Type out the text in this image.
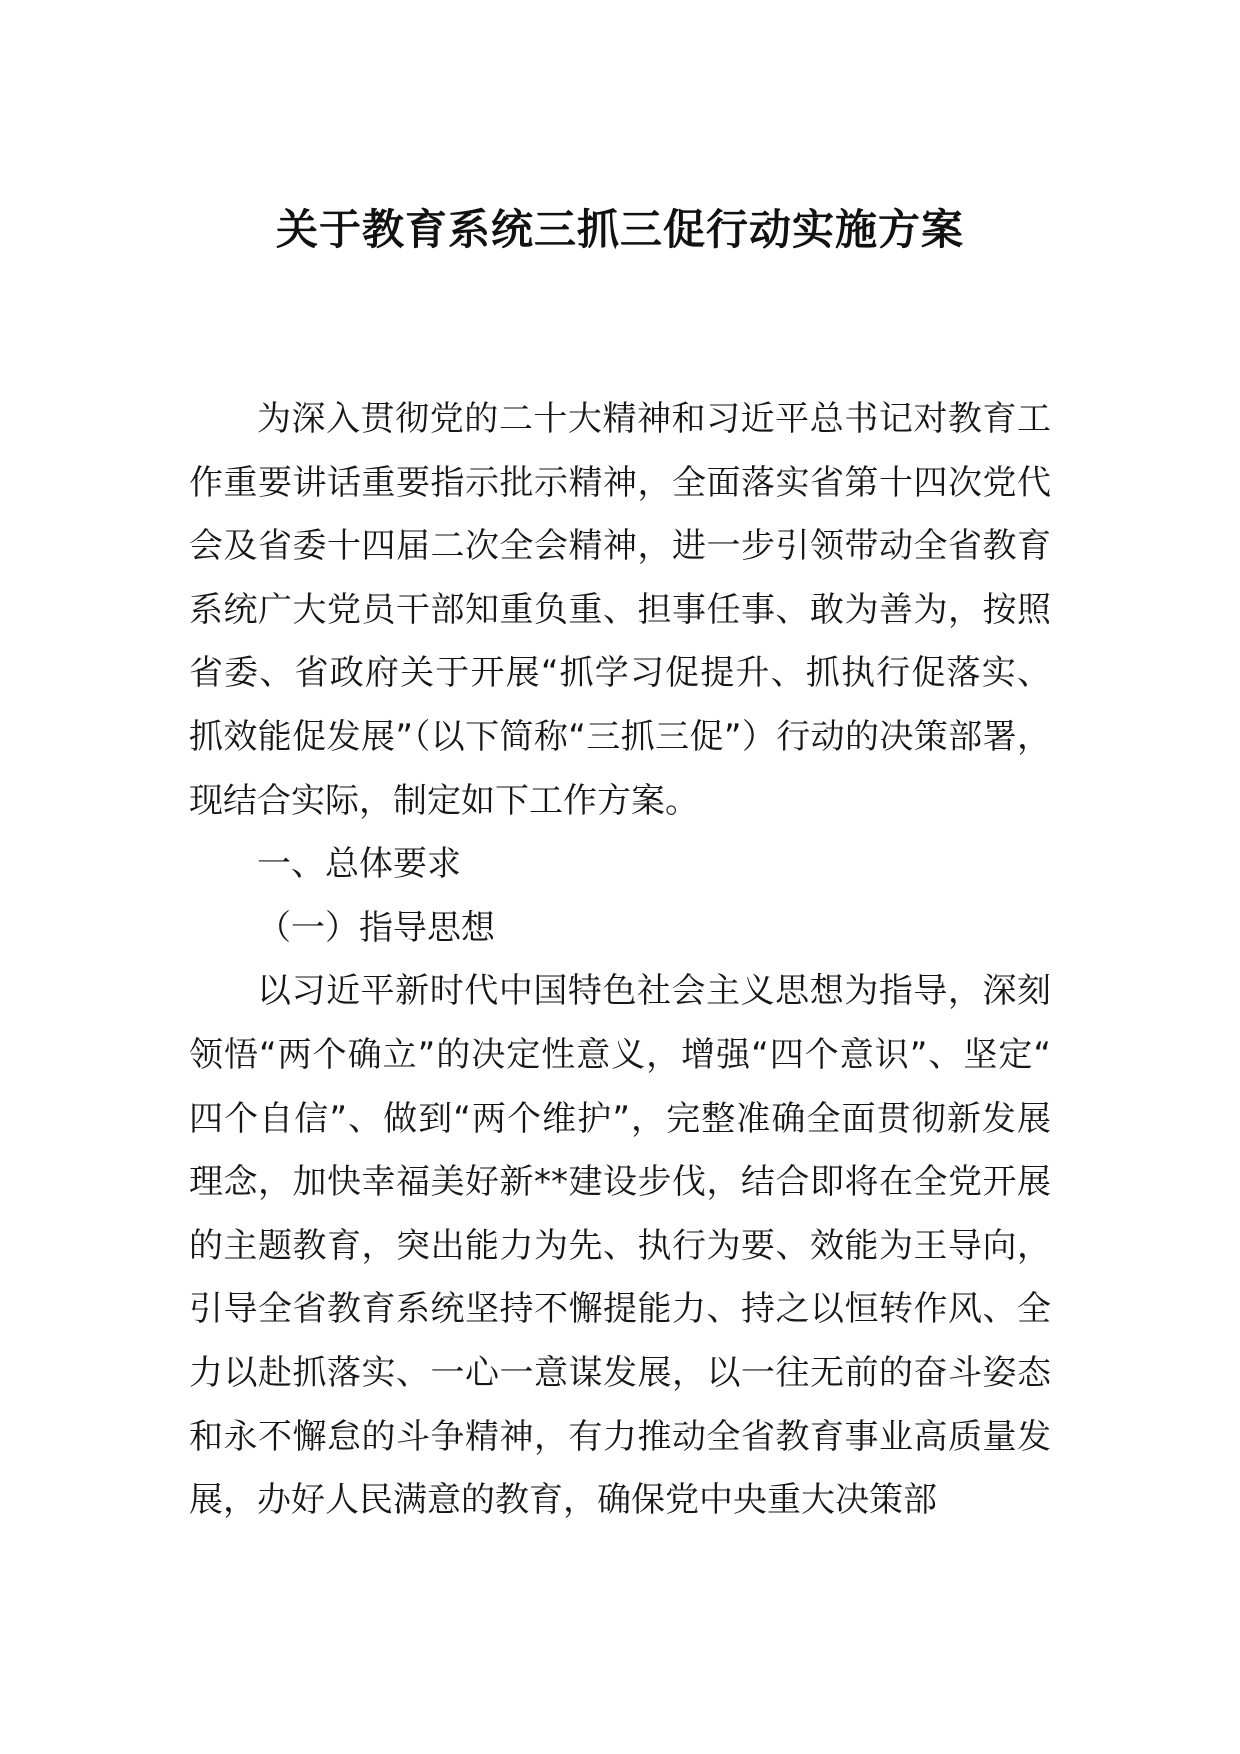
关于教育系统三抓三促行动实施方案

为深入贯彻党的二十大精神和习近平总书记对教育工作重要讲话重要指示批示精神，全面落实省第十四次党代会及省委十四届二次全会精神，进一步引领带动全省教育系统广大党员干部知重负重、担事任事、敢为善为，按照省委、省政府关于开展“抓学习促提升、抓执行促落实、抓效能促发展”（以下简称“三抓三促”）行动的决策部署，现结合实际，制定如下工作方案。

一、总体要求

（一）指导思想

以习近平新时代中国特色社会主义思想为指导，深刻领悟“两个确立”的决定性意义，增强“四个意识”、坚定“四个自信”、做到“两个维护”，完整准确全面贯彻新发展理念，加快幸福美好新**建设步伐，结合即将在全党开展的主题教育，突出能力为先、执行为要、效能为王导向，引导全省教育系统坚持不懈提能力、持之以恒转作风、全力以赴抓落实、一心一意谋发展，以一往无前的奋斗姿态和永不懈怠的斗争精神，有力推动全省教育事业高质量发展，办好人民满意的教育，确保党中央重大决策部
